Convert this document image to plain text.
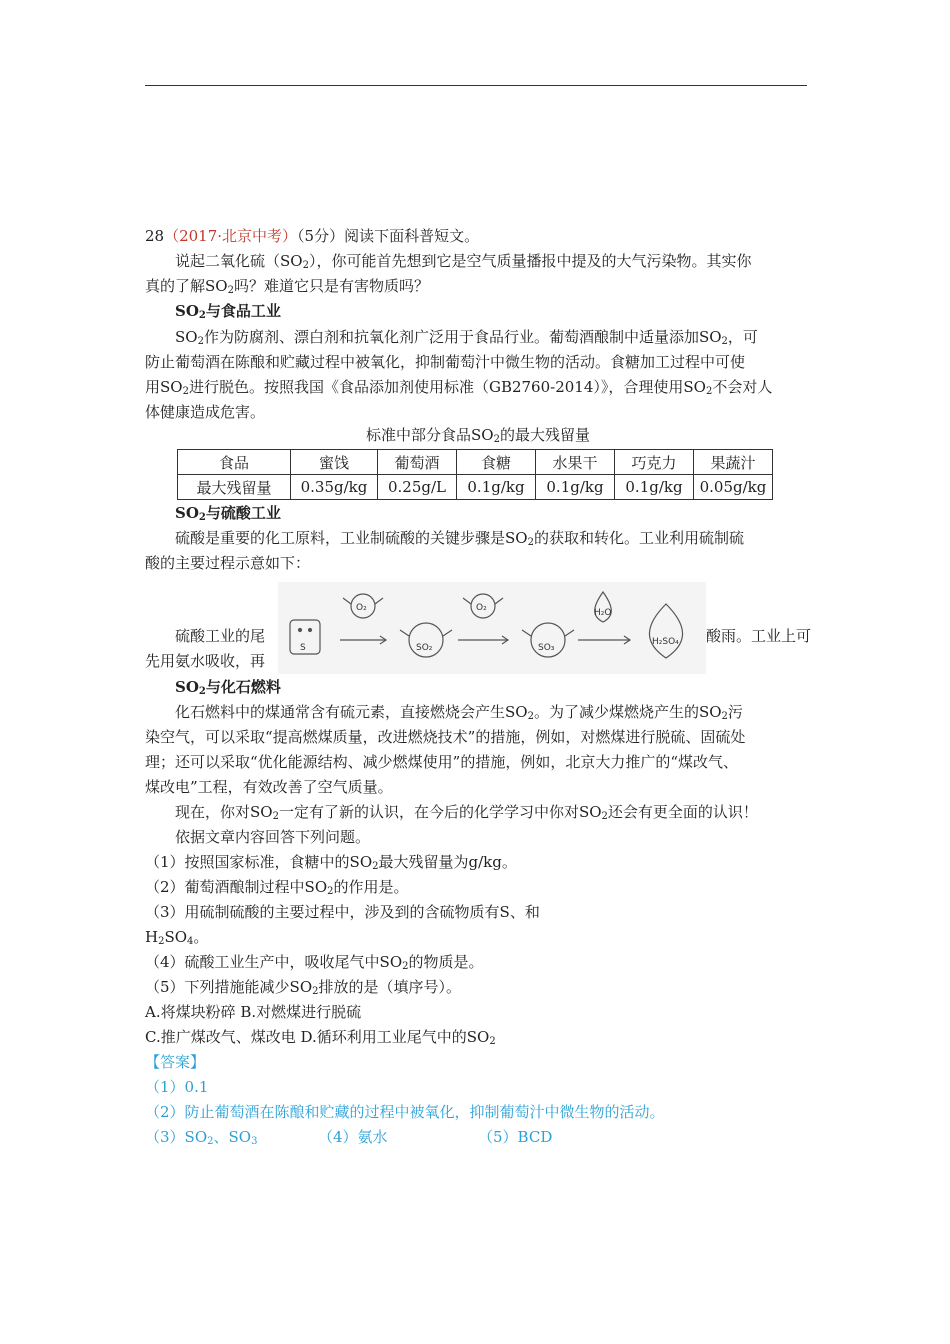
28（2017·北京中考）（5分）阅读下面科普短文。
说起二氧化硫$(SO_2)$，你可能首先想到它是空气质量播报中提及的大气污染物。其实你
真的了解$SO_2$吗？难道它只是有害物质吗？
$SO_2$与食品工业
$SO_2$作为防腐剂、漂白剂和抗氧化剂广泛用于食品行业。葡萄酒酿制中适量添加$SO_2$，可
防止葡萄酒在陈酿和贮藏过程中被氧化，抑制葡萄汁中微生物的活动。食糖加工过程中可使
用$SO_2$进行脱色。按照我国《食品添加剂使用标准（GB2760-2014）》，合理使用$SO_2$不会对人
体健康造成危害。
标准中部分食品$SO_2$的最大残留量
食品	蜜饯	葡萄酒	食糖	水果干	巧克力	果蔬汁
最大残留量	0.35g/kg	0.25g/L	0.1g/kg	0.1g/kg	0.1g/kg	0.05g/kg
$SO_2$与硫酸工业
硫酸是重要的化工原料，工业制硫酸的关键步骤是$SO_2$的获取和转化。工业利用硫制硫
酸的主要过程示意如下：
硫酸工业的尾	酸雨。工业上可
先用氨水吸收，再
S
O₂
SO₂
O₂
SO₃
H₂O
H₂SO₄
$SO_2$与化石燃料
化石燃料中的煤通常含有硫元素，直接燃烧会产生$SO_2$。为了减少煤燃烧产生的$SO_2$污
染空气，可以采取“提高燃煤质量，改进燃烧技术”的措施，例如，对燃煤进行脱硫、固硫处
理；还可以采取“优化能源结构、减少燃煤使用”的措施，例如，北京大力推广的“煤改气、
煤改电”工程，有效改善了空气质量。
现在，你对$SO_2$一定有了新的认识，在今后的化学学习中你对$SO_2$还会有更全面的认识！
依据文章内容回答下列问题。
（1）按照国家标准，食糖中的$SO_2$最大残留量为g/kg。
（2）葡萄酒酿制过程中$SO_2$的作用是。
（3）用硫制硫酸的主要过程中，涉及到的含硫物质有S、和
$H_2SO_4$。
（4）硫酸工业生产中，吸收尾气中$SO_2$的物质是。
（5）下列措施能减少$SO_2$排放的是（填序号）。
A.将煤块粉碎 B.对燃煤进行脱硫
C.推广煤改气、煤改电 D.循环利用工业尾气中的$SO_2$
【答案】
（1）0.1
（2）防止葡萄酒在陈酿和贮藏的过程中被氧化，抑制葡萄汁中微生物的活动。
$(3)SO_2$、$SO_3$	（4）氨水	（5）BCD
